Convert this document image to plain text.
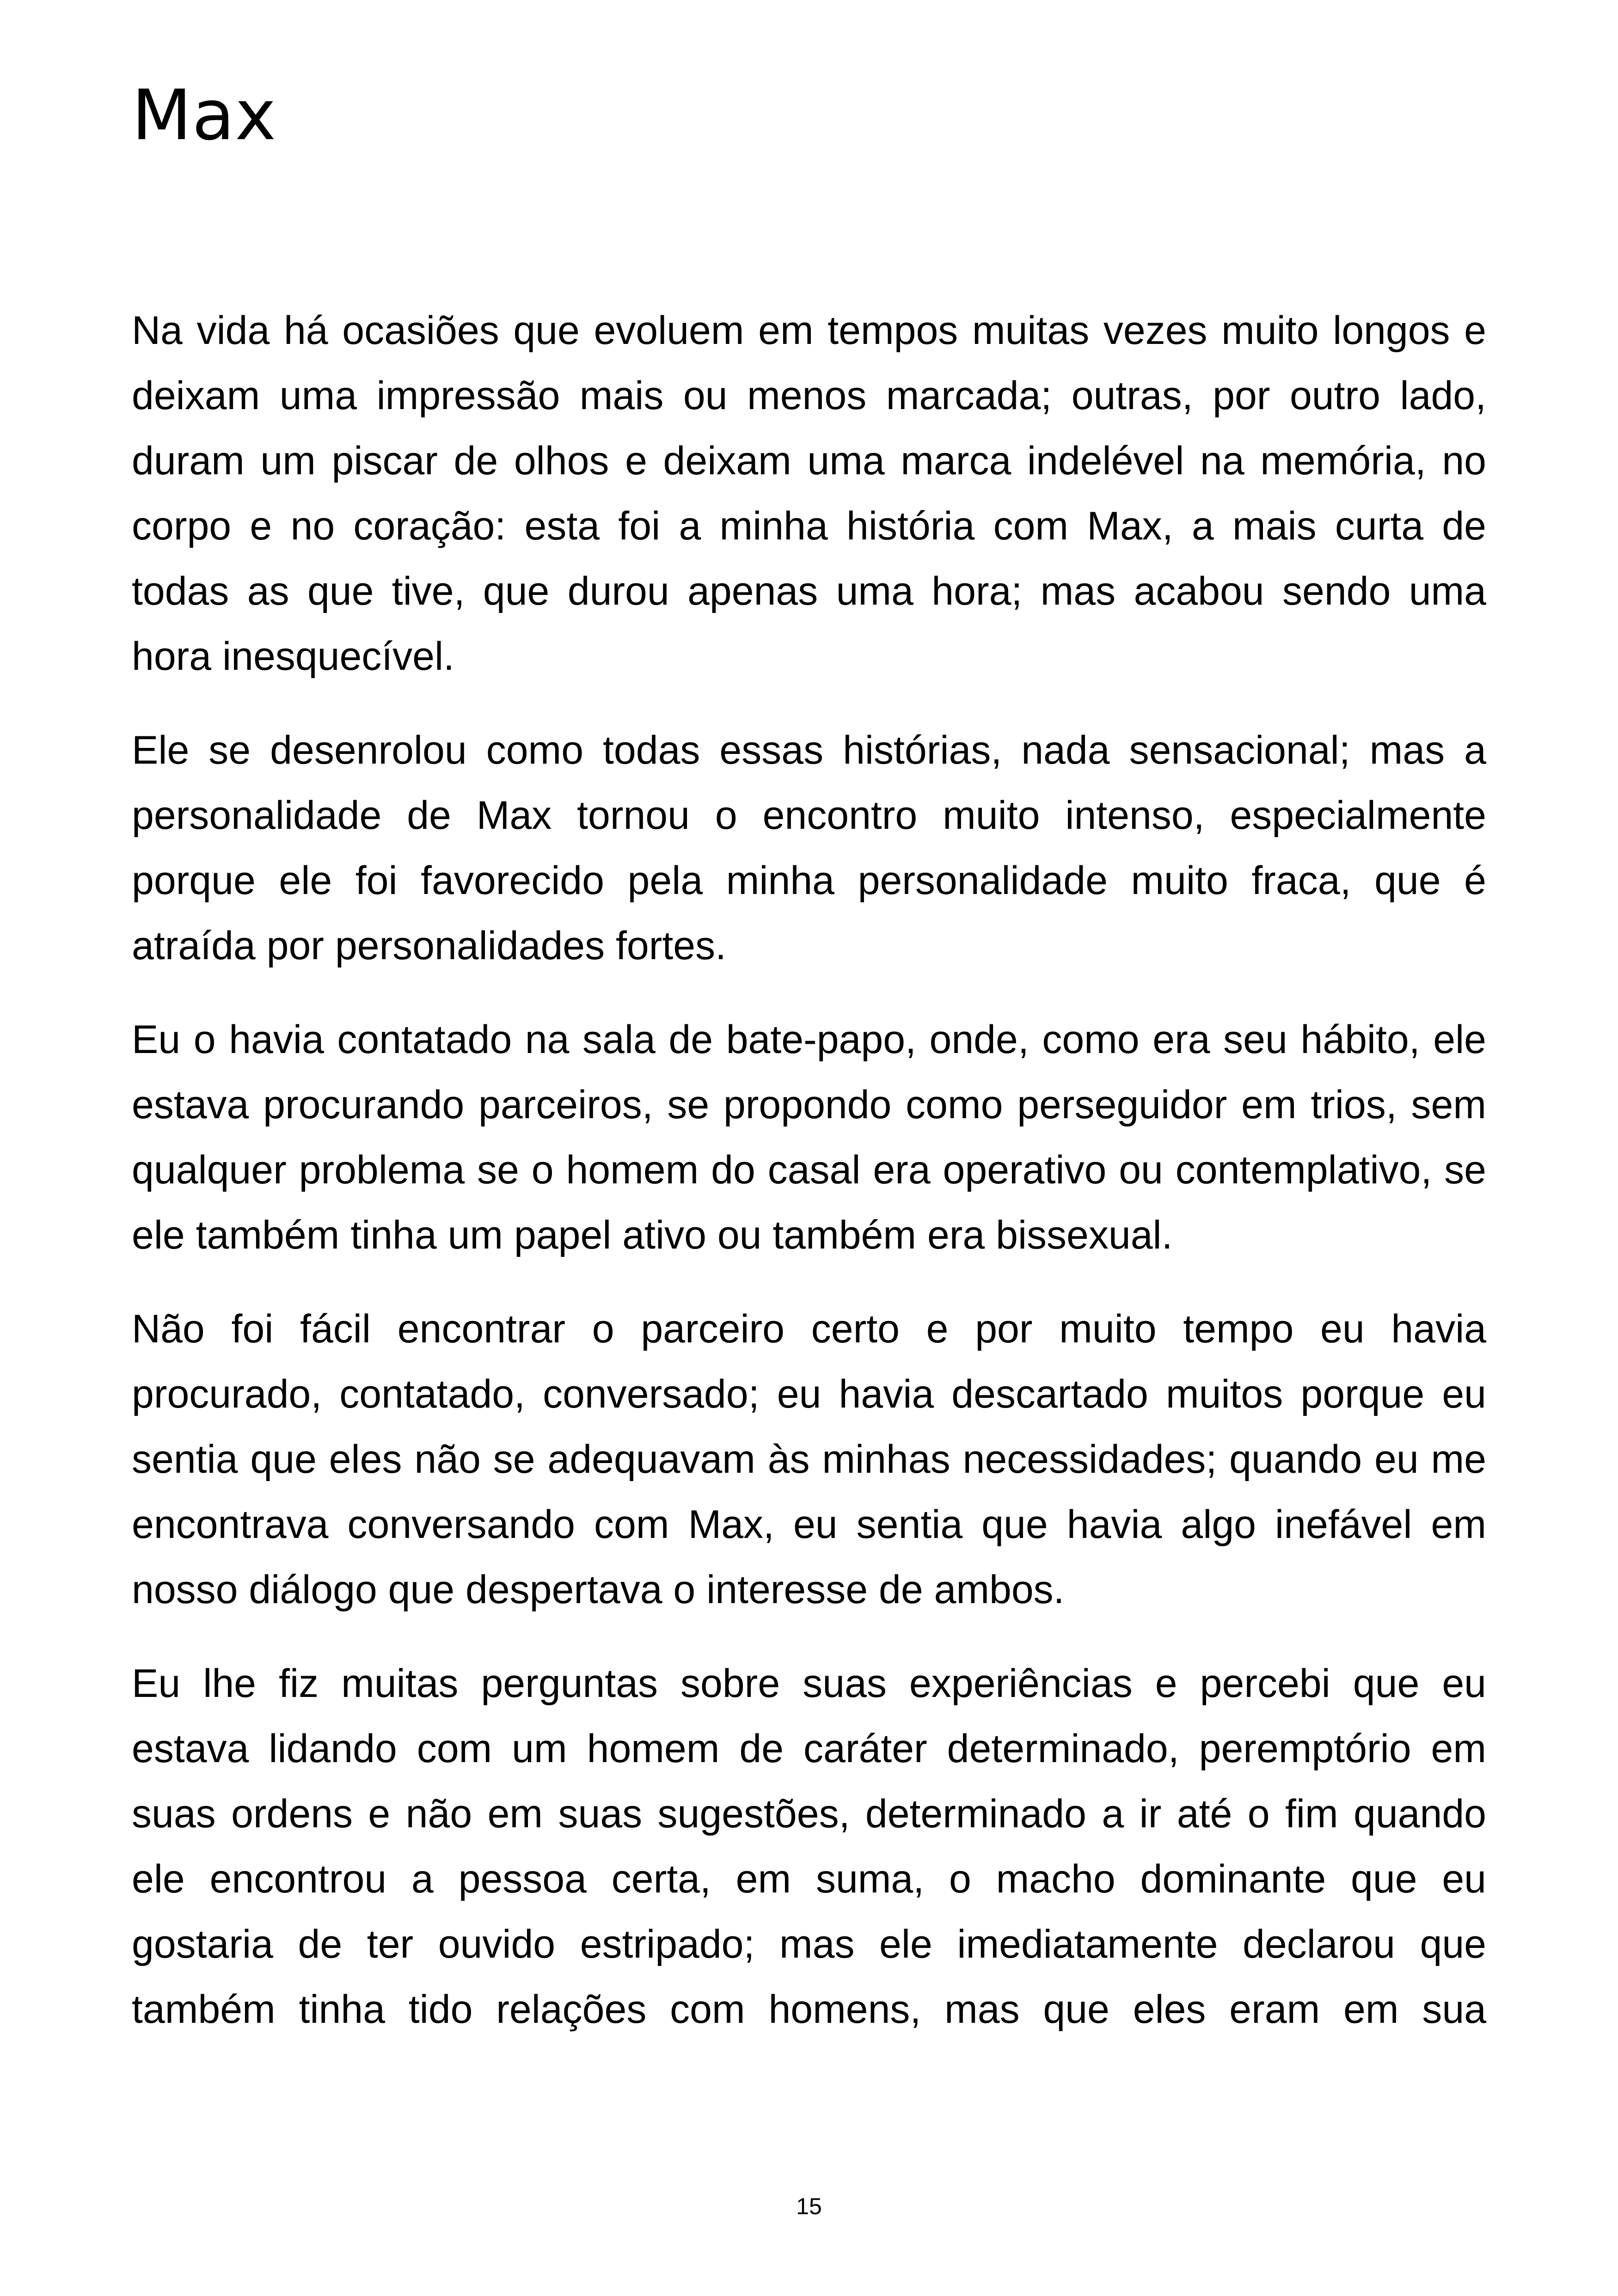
Max

Na vida há ocasiões que evoluem em tempos muitas vezes muito longos e deixam uma impressão mais ou menos marcada; outras, por outro lado, duram um piscar de olhos e deixam uma marca indelével na memória, no corpo e no coração: esta foi a minha história com Max, a mais curta de todas as que tive, que durou apenas uma hora; mas acabou sendo uma hora inesquecível.

Ele se desenrolou como todas essas histórias, nada sensacional; mas a personalidade de Max tornou o encontro muito intenso, especialmente porque ele foi favorecido pela minha personalidade muito fraca, que é atraída por personalidades fortes.

Eu o havia contatado na sala de bate-papo, onde, como era seu hábito, ele estava procurando parceiros, se propondo como perseguidor em trios, sem qualquer problema se o homem do casal era operativo ou contemplativo, se ele também tinha um papel ativo ou também era bissexual.

Não foi fácil encontrar o parceiro certo e por muito tempo eu havia procurado, contatado, conversado; eu havia descartado muitos porque eu sentia que eles não se adequavam às minhas necessidades; quando eu me encontrava conversando com Max, eu sentia que havia algo inefável em nosso diálogo que despertava o interesse de ambos.

Eu lhe fiz muitas perguntas sobre suas experiências e percebi que eu estava lidando com um homem de caráter determinado, peremptório em suas ordens e não em suas sugestões, determinado a ir até o fim quando ele encontrou a pessoa certa, em suma, o macho dominante que eu gostaria de ter ouvido estripado; mas ele imediatamente declarou que também tinha tido relações com homens, mas que eles eram em sua

15
